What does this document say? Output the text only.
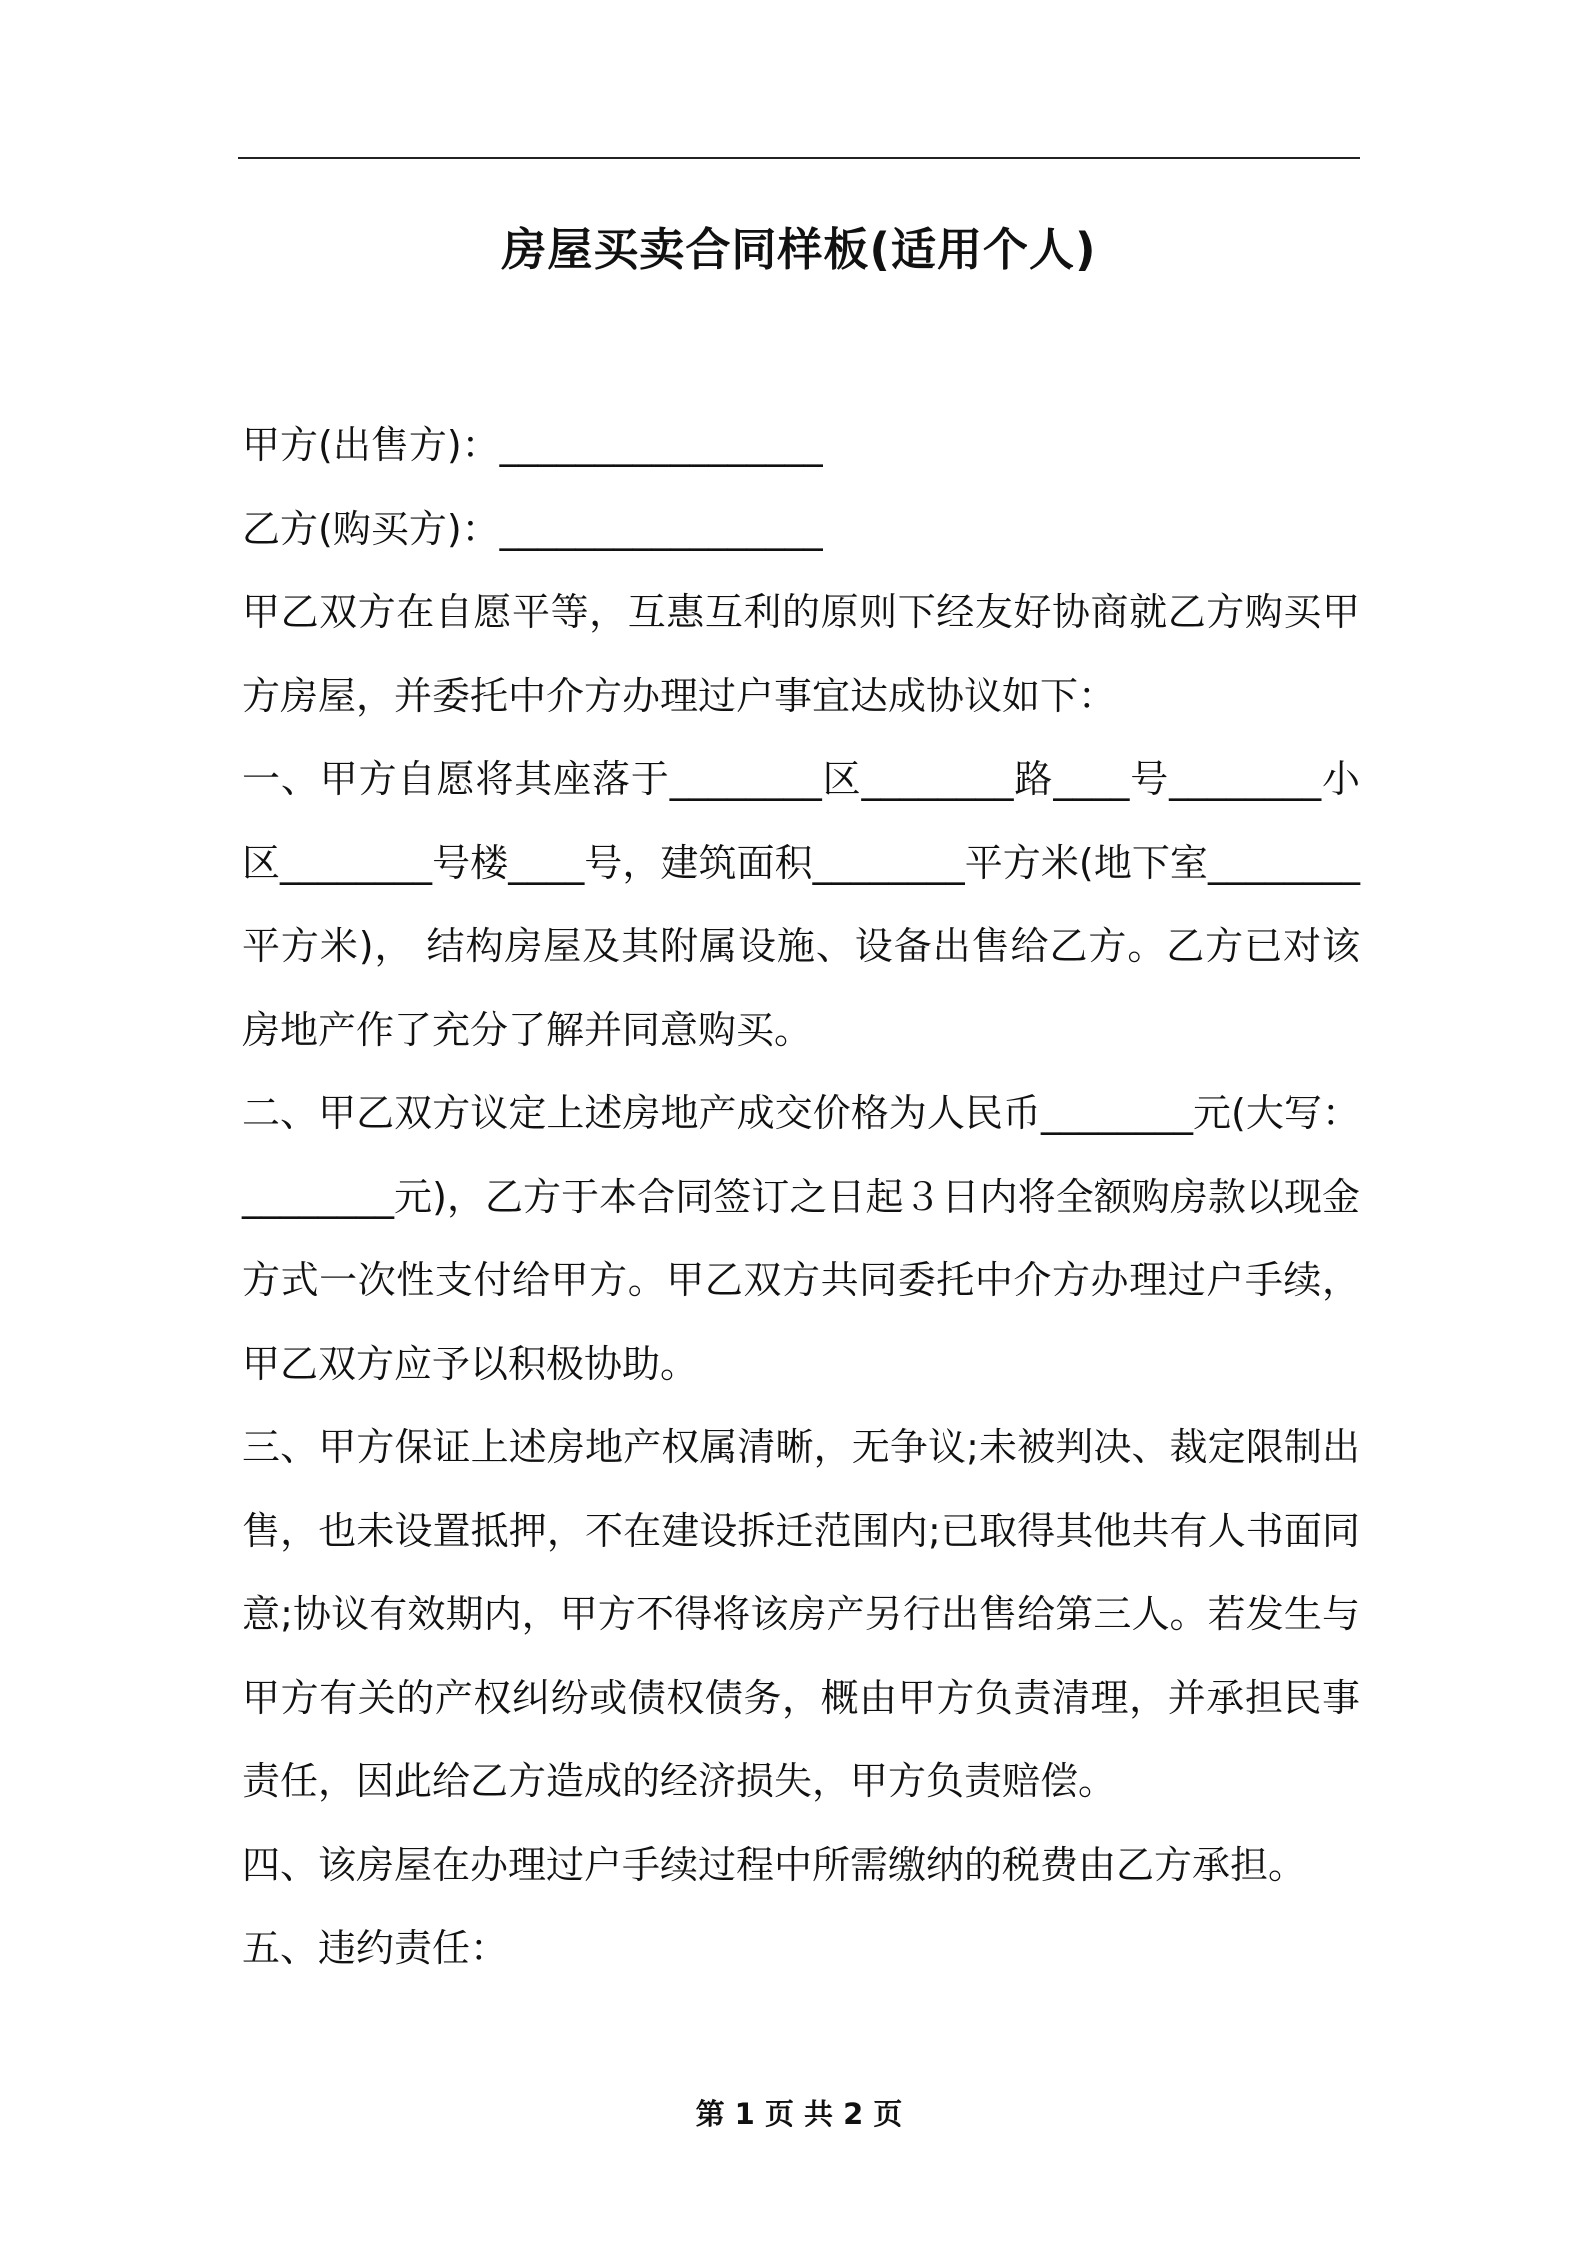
房屋买卖合同样板(适用个人)

甲方(出售方)：_________________

乙方(购买方)：_________________

甲乙双方在自愿平等，互惠互利的原则下经友好协商就乙方购买甲方房屋，并委托中介方办理过户事宜达成协议如下：

一、甲方自愿将其座落于________区________路____号________小区________号楼____号，建筑面积________平方米(地下室________平方米)， 结构房屋及其附属设施、设备出售给乙方。乙方已对该房地产作了充分了解并同意购买。

二、甲乙双方议定上述房地产成交价格为人民币________元(大写：________元)，乙方于本合同签订之日起３日内将全额购房款以现金 方式一次性支付给甲方。甲乙双方共同委托中介方办理过户手续，甲乙双方应予以积极协助。

三、甲方保证上述房地产权属清晰，无争议;未被判决、裁定限制出售，也未设置抵押，不在建设拆迁范围内;已取得其他共有人书面同意;协议有效期内，甲方不得将该房产另行出售给第三人。若发生与甲方有关的产权纠纷或债权债务，概由甲方负责清理，并承担民事责任，因此给乙方造成的经济损失，甲方负责赔偿。

四、该房屋在办理过户手续过程中所需缴纳的税费由乙方承担。

五、违约责任：

第 1 页 共 2 页
